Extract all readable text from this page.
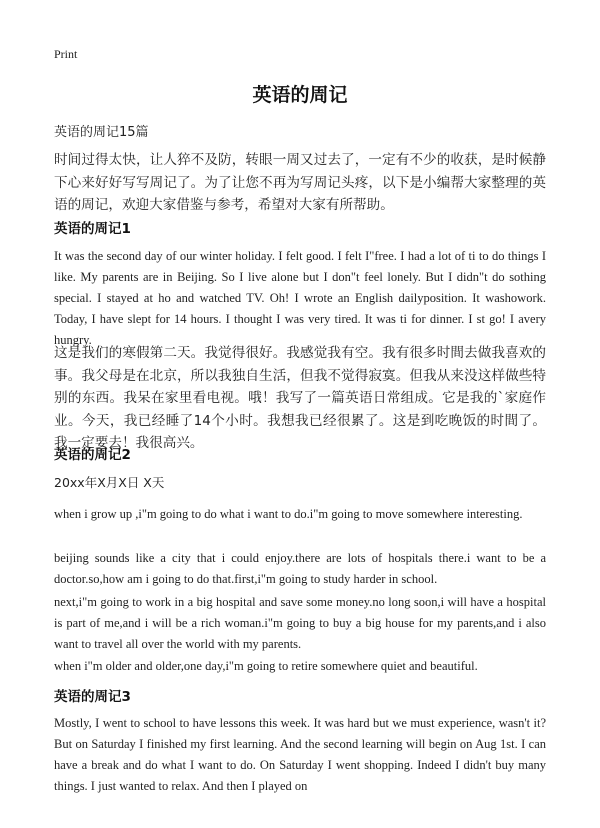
Print
英语的周记
英语的周记15篇

时间过得太快，让人猝不及防，转眼一周又过去了，一定有不少的收获，是时候静下心来好好写写周记了。为了让您不再为写周记头疼，以下是小编帮大家整理的英语的周记，欢迎大家借鉴与参考，希望对大家有所帮助。

英语的周记1

It was the second day of our winter holiday. I felt good. I felt I"free. I had a lot of ti to do things I like. My parents are in Beijing. So I live alone but I don"t feel lonely. But I didn"t do sothing special. I stayed at ho and watched TV. Oh! I wrote an English dailyposition. It washowork. Today, I have slept for 14 hours. I thought I was very tired. It was ti for dinner. I st go! I avery hungry.

这是我们的寒假第二天。我觉得很好。我感觉我有空。我有很多时間去做我喜欢的事。我父母是在北京，所以我独自生活，但我不觉得寂寞。但我从来没这样做些特别的东西。我呆在家里看电视。哦！我写了一篇英语日常组成。它是我的`家庭作业。今天，我已经睡了14个小时。我想我已经很累了。这是到吃晚饭的时間了。我一定要去！我很高兴。

英语的周记2

20xx年X月X日 X天

when i grow up ,i"m going to do what i want to do.i"m going to move somewhere interesting.

beijing sounds like a city that i could enjoy.there are lots of hospitals there.i want to be a doctor.so,how am i going to do that.first,i"m going to study harder in school.

next,i"m going to work in a big hospital and save some money.no long soon,i will have a hospital is part of me,and i will be a rich woman.i"m going to buy a big house for my parents,and i also want to travel all over the world with my parents.

when i"m older and older,one day,i"m going to retire somewhere quiet and beautiful.

英语的周记3

Mostly, I went to school to have lessons this week. It was hard but we must experience, wasn't it? But on Saturday I finished my first learning. And the second learning will begin on Aug 1st. I can have a break and do what I want to do. On Saturday I went shopping. Indeed I didn't buy many things. I just wanted to relax. And then I played on
